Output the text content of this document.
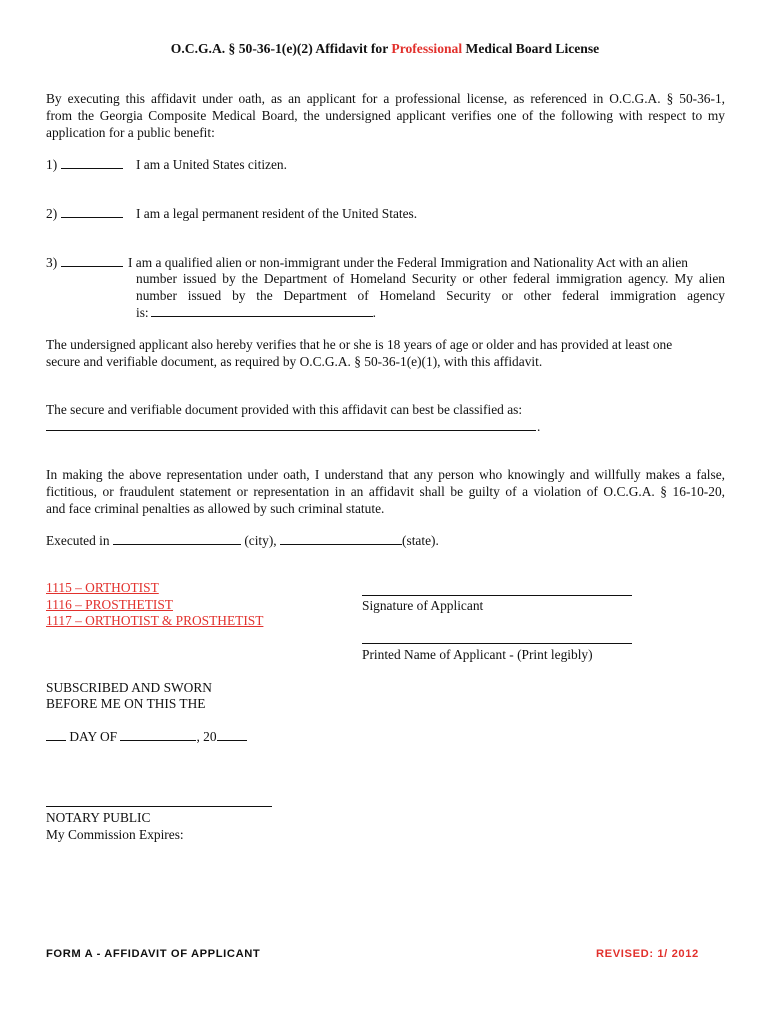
O.C.G.A. § 50-36-1(e)(2) Affidavit for Professional Medical Board License
By executing this affidavit under oath, as an applicant for a professional license, as referenced in O.C.G.A. § 50-36-1,
from the Georgia Composite Medical Board, the undersigned applicant verifies one of the following with respect to my
application for a public benefit:
1)	I am a United States citizen.
2)	I am a legal permanent resident of the United States.
3)	I am a qualified alien or non-immigrant under the Federal Immigration and Nationality Act with an alien
number issued by the Department of Homeland Security or other federal immigration agency. My alien
number issued by the Department of Homeland Security or other federal immigration agency
is:	.
The undersigned applicant also hereby verifies that he or she is 18 years of age or older and has provided at least one
secure and verifiable document, as required by O.C.G.A. § 50-36-1(e)(1), with this affidavit.
The secure and verifiable document provided with this affidavit can best be classified as:
.
In making the above representation under oath, I understand that any person who knowingly and willfully makes a false,
fictitious, or fraudulent statement or representation in an affidavit shall be guilty of a violation of O.C.G.A. § 16-10-20,
and face criminal penalties as allowed by such criminal statute.
Executed in	(city),	(state).
1115 – ORTHOTIST
1116 – PROSTHETIST
1117 – ORTHOTIST & PROSTHETIST
Signature of Applicant
Printed Name of Applicant - (Print legibly)
SUBSCRIBED AND SWORN
BEFORE ME ON THIS THE
DAY OF	, 20
NOTARY PUBLIC
My Commission Expires:
FORM A - AFFIDAVIT OF APPLICANT	REVISED: 1/ 2012
